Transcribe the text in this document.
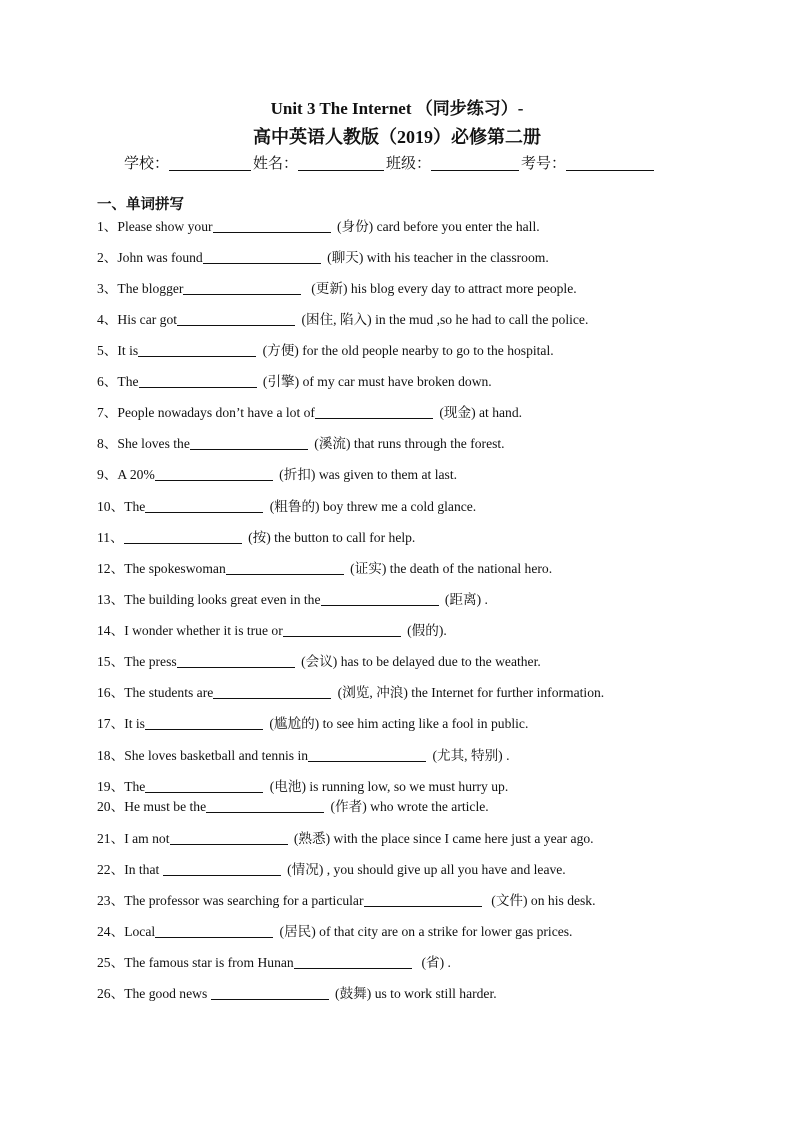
Unit 3 The Internet （同步练习）-
高中英语人教版（2019）必修第二册
学校：	姓名：	班级：	考号：
一、单词拼写
1、 Please show your	(身份) card before you enter the hall.
2、 John was found	(聊天) with his teacher in the classroom.
3、 The blogger	(更新) his blog every day to attract more people.
4、 His car got	(困住, 陷入) in the mud ,so he had to call the police.
5、 It is	(方便) for the old people nearby to go to the hospital.
6、 The	(引擎) of my car must have broken down.
7、 People nowadays don’t have a lot of	(现金) at hand.
8、 She loves the	(溪流) that runs through the forest.
9、 A 20%	(折扣) was given to them at last.
10、 The	(粗鲁的) boy threw me a cold glance.
11、	(按) the button to call for help.
12、 The spokeswoman	(证实) the death of the national hero.
13、 The building looks great even in the	(距离) .
14、 I wonder whether it is true or	(假的).
15、 The press	(会议) has to be delayed due to the weather.
16、 The students are	(浏览, 冲浪) the Internet for further information.
17、 It is	(尴尬的) to see him acting like a fool in public.
18、 She loves basketball and tennis in	(尤其, 特别) .
19、 The	(电池) is running low, so we must hurry up.
20、 He must be the	(作者) who wrote the article.
21、 I am not	(熟悉) with the place since I came here just a year ago.
22、 In that	(情况) , you should give up all you have and leave.
23、 The professor was searching for a particular	(文件) on his desk.
24、 Local	(居民) of that city are on a strike for lower gas prices.
25、 The famous star is from Hunan	(省) .
26、 The good news	(鼓舞) us to work still harder.
